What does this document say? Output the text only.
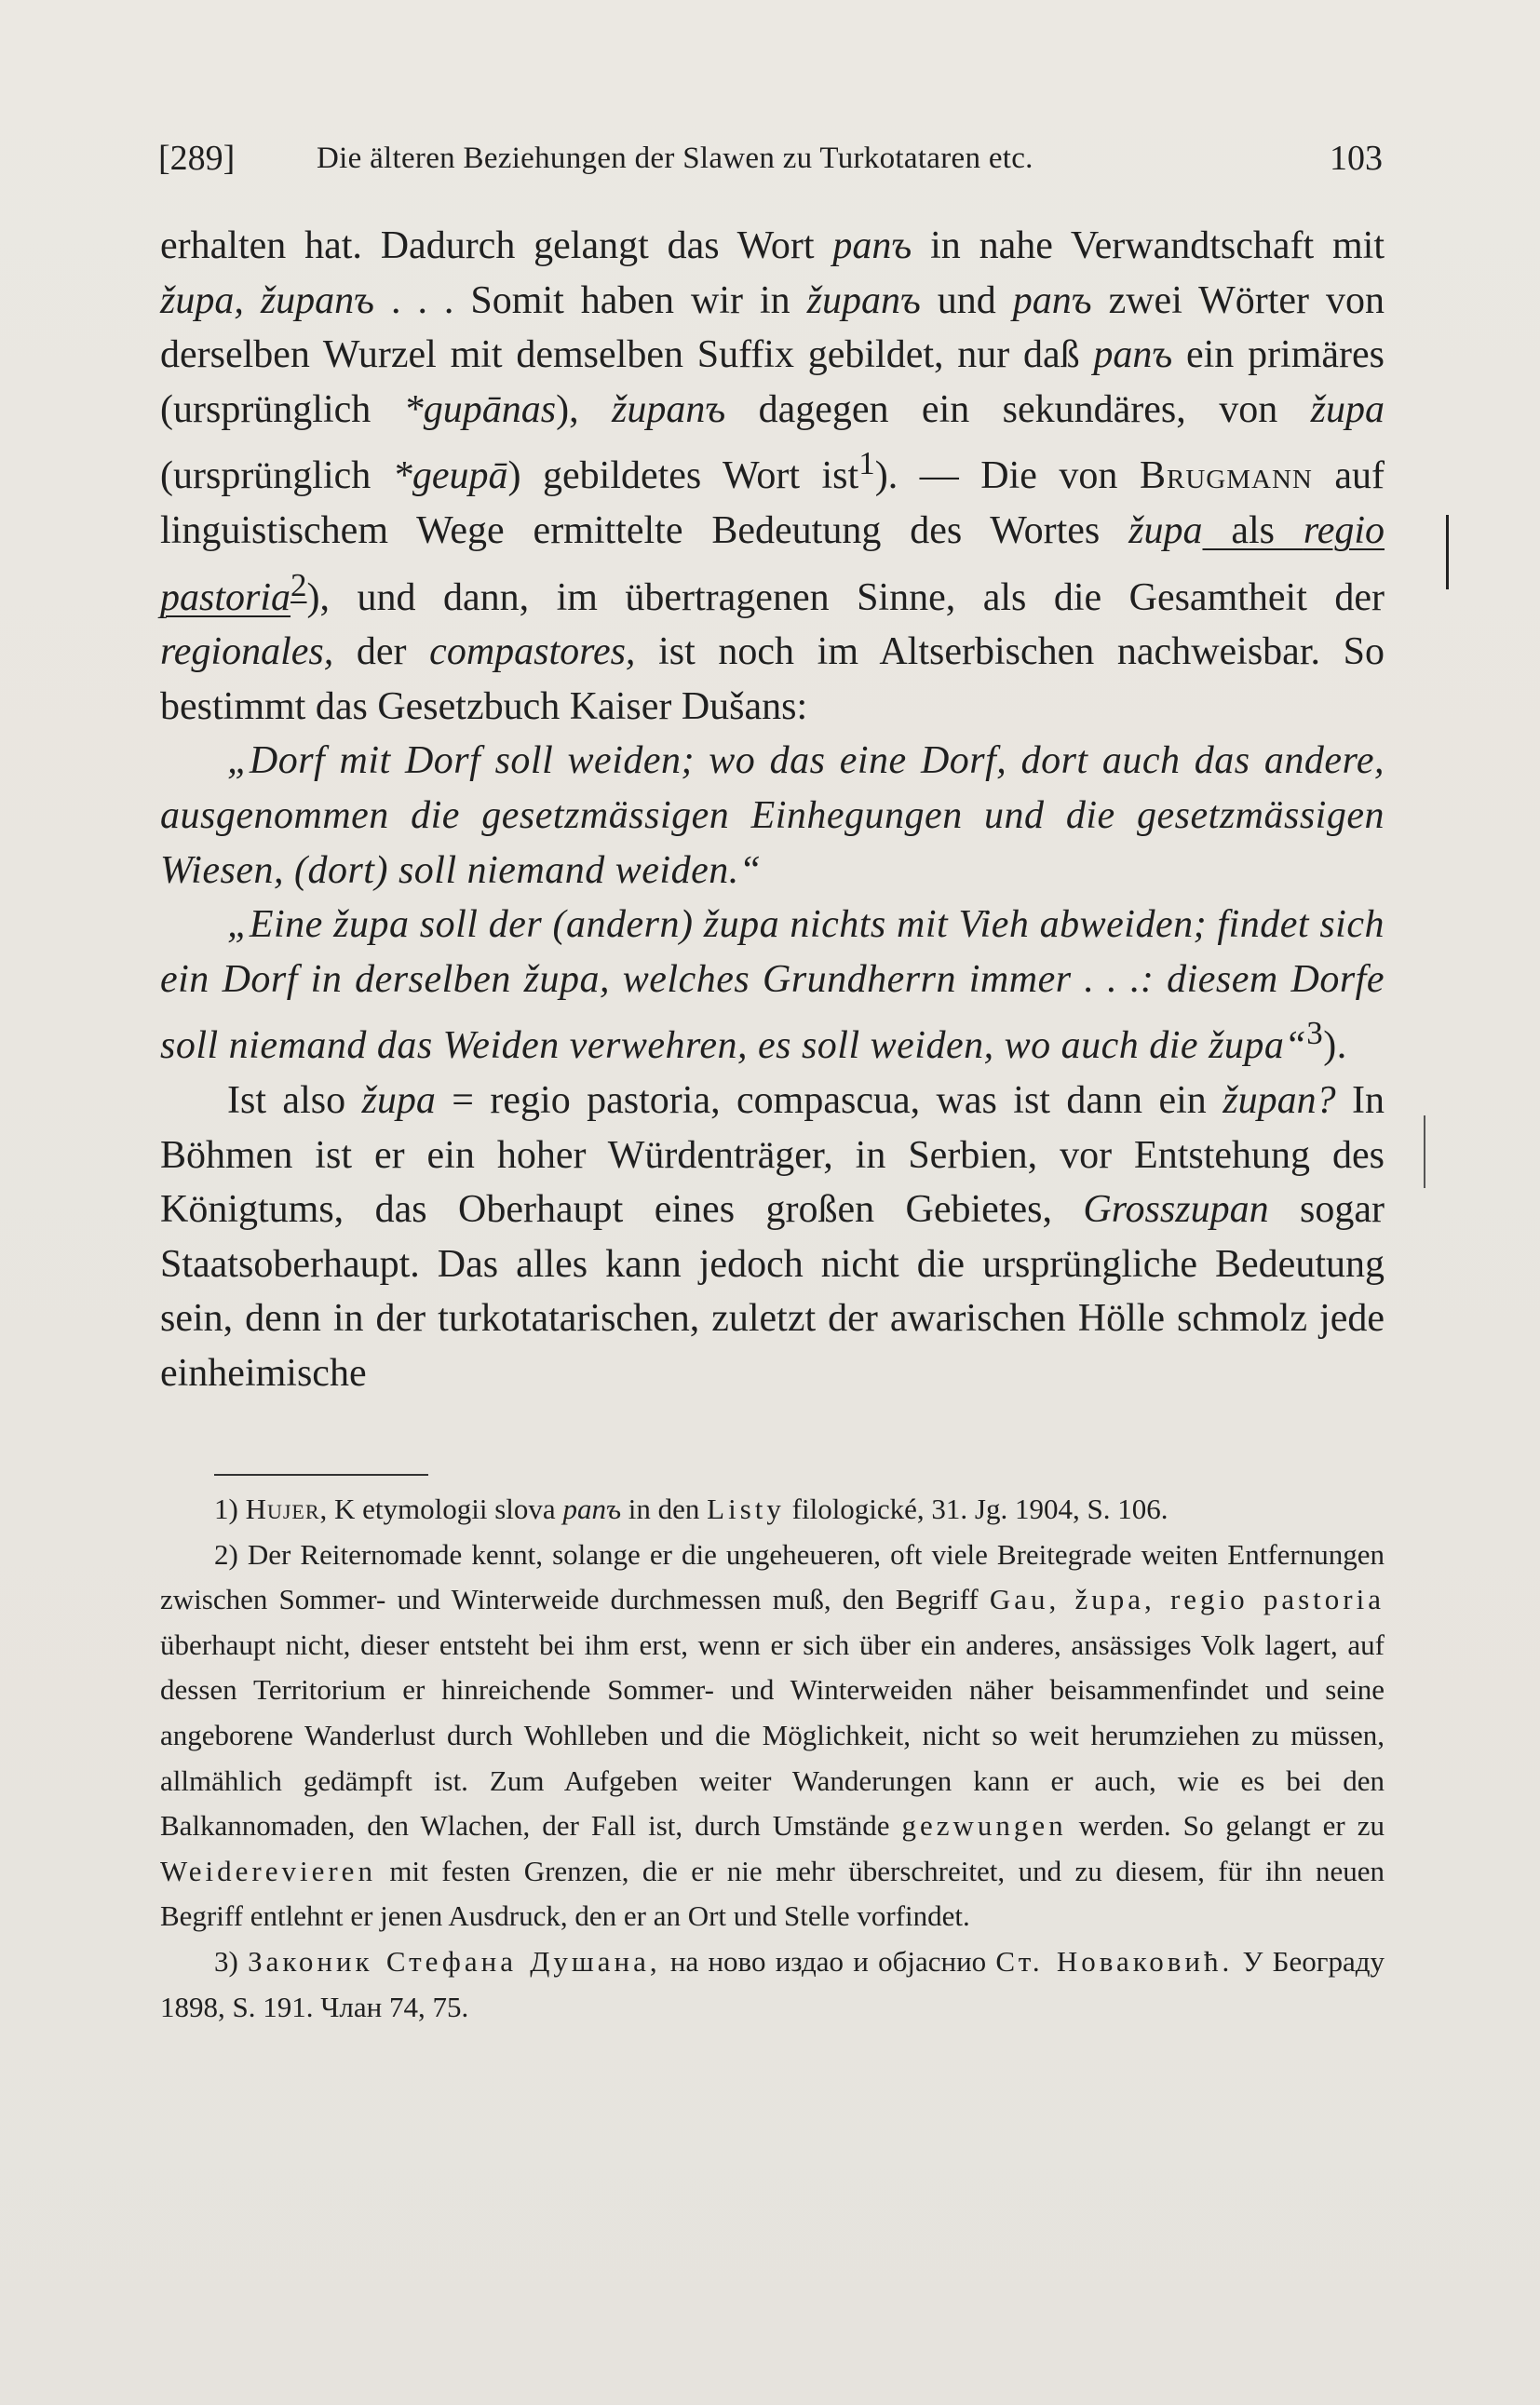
[289]	Die älteren Beziehungen der Slawen zu Turkotataren etc.	103

erhalten hat. Dadurch gelangt das Wort panъ in nahe Verwandtschaft mit župa, županъ . . . Somit haben wir in županъ und panъ zwei Wörter von derselben Wurzel mit demselben Suffix gebildet, nur daß panъ ein primäres (ursprünglich *gupānas), županъ dagegen ein sekundäres, von župa (ursprünglich *geupā) gebildetes Wort ist$^1$). — Die von Brugmann auf linguistischem Wege ermittelte Bedeutung des Wortes župa als regio pastoria$^2$), und dann, im übertragenen Sinne, als die Gesamtheit der regionales, der compastores, ist noch im Altserbischen nachweisbar. So bestimmt das Gesetzbuch Kaiser Dušans:

„Dorf mit Dorf soll weiden; wo das eine Dorf, dort auch das andere, ausgenommen die gesetzmässigen Einhegungen und die gesetzmässigen Wiesen, (dort) soll niemand weiden.“

„Eine župa soll der (andern) župa nichts mit Vieh abweiden; findet sich ein Dorf in derselben župa, welches Grundherrn immer . . .: diesem Dorfe soll niemand das Weiden verwehren, es soll weiden, wo auch die župa“$^3$).

Ist also župa = regio pastoria, compascua, was ist dann ein župan? In Böhmen ist er ein hoher Würdenträger, in Serbien, vor Entstehung des Königtums, das Oberhaupt eines großen Gebietes, Grosszupan sogar Staatsoberhaupt. Das alles kann jedoch nicht die ursprüngliche Bedeutung sein, denn in der turkotatarischen, zuletzt der awarischen Hölle schmolz jede einheimische

1) Hujer, K etymologii slova panъ in den Listy filologické, 31. Jg. 1904, S. 106.

2) Der Reiternomade kennt, solange er die ungeheueren, oft viele Breitegrade weiten Entfernungen zwischen Sommer- und Winterweide durchmessen muß, den Begriff Gau, župa, regio pastoria überhaupt nicht, dieser entsteht bei ihm erst, wenn er sich über ein anderes, ansässiges Volk lagert, auf dessen Territorium er hinreichende Sommer- und Winterweiden näher beisammenfindet und seine angeborene Wanderlust durch Wohlleben und die Möglichkeit, nicht so weit herumziehen zu müssen, allmählich gedämpft ist. Zum Aufgeben weiter Wanderungen kann er auch, wie es bei den Balkannomaden, den Wlachen, der Fall ist, durch Umstände gezwungen werden. So gelangt er zu Weiderevieren mit festen Grenzen, die er nie mehr überschreitet, und zu diesem, für ihn neuen Begriff entlehnt er jenen Ausdruck, den er an Ort und Stelle vorfindet.

3) Законик Стефана Душана, на ново издао и објаснио Ст. Новаковић. У Београду 1898, S. 191. Члан 74, 75.
